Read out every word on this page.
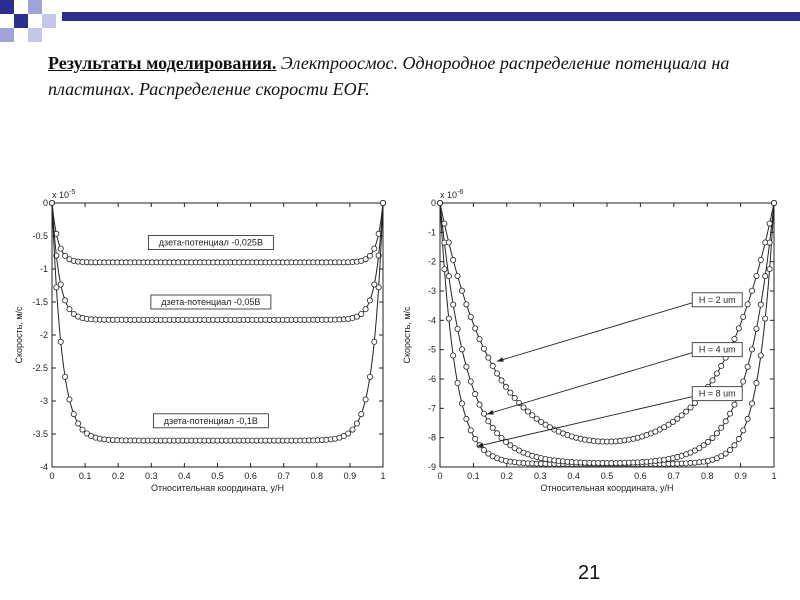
Результаты моделирования. Электроосмос. Однородное распределение потенциала на пластинах. Распределение скорости EOF.
0	0.1 0.2 0.3 0.4 0.5 0.6 0.7 0.8 0.9	1
0
-0.5
-1
-1.5
-2
-2.5
-3
-3.5
-4
x $10^{-5}$
Относительная координата, y/H
Скорость, м/с
дзета-потенциал -0,025В
дзета-потенциал -0,05В
дзета-потенциал -0,1В
0	0.1 0.2 0.3 0.4 0.5 0.6 0.7 0.8 0.9	1
0
-1
-2
-3
-4
-5
-6
-7
-8
-9
x $10^{-6}$
Относительная координата, y/H
Скорость, м/с
H = 2 um
H = 4 um
H = 8 um
21
